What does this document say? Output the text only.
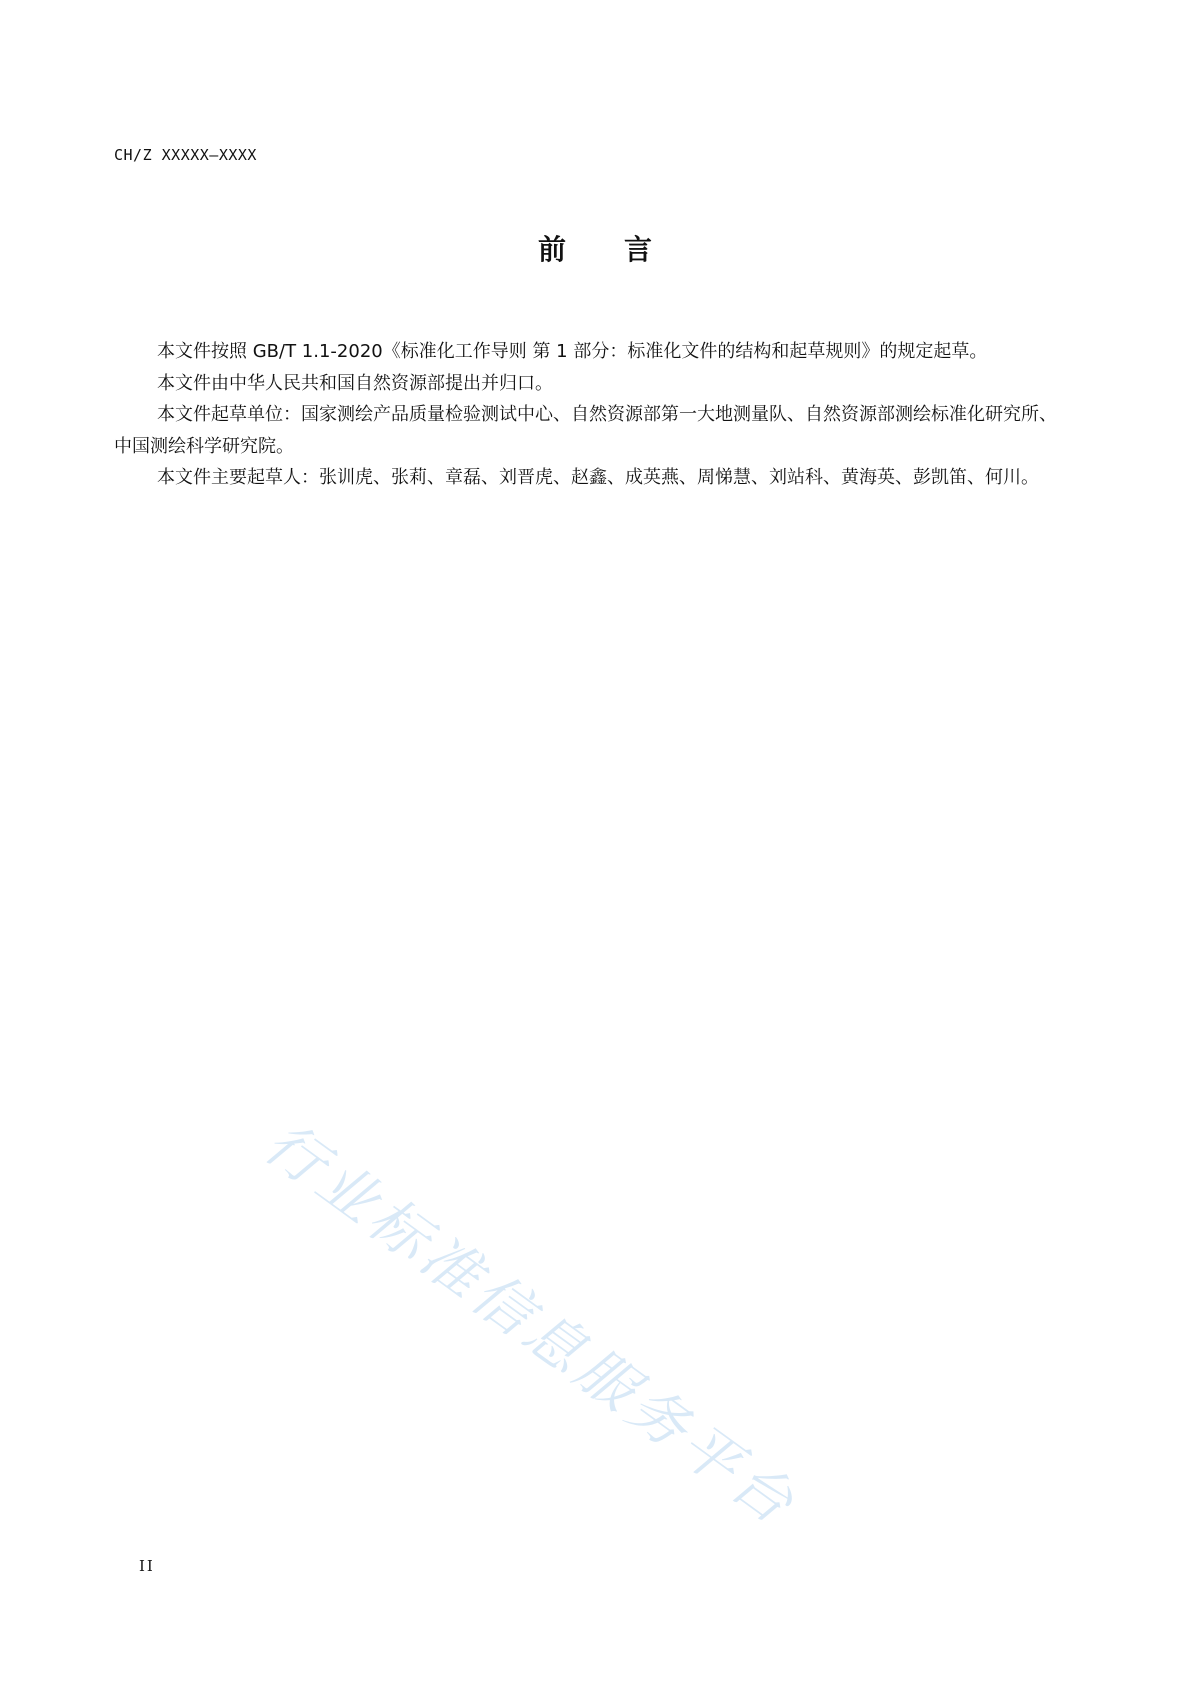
CH/Z XXXXX—XXXX
前言

本文件按照 GB/T 1.1-2020《标准化工作导则 第 1 部分：标准化文件的结构和起草规则》的规定起草。

本文件由中华人民共和国自然资源部提出并归口。

本文件起草单位：国家测绘产品质量检验测试中心、自然资源部第一大地测量队、自然资源部测绘标准化研究所、中国测绘科学研究院。

本文件主要起草人：张训虎、张莉、章磊、刘晋虎、赵鑫、成英燕、周悌慧、刘站科、黄海英、彭凯笛、何川。

行业标准信息服务平台
II
